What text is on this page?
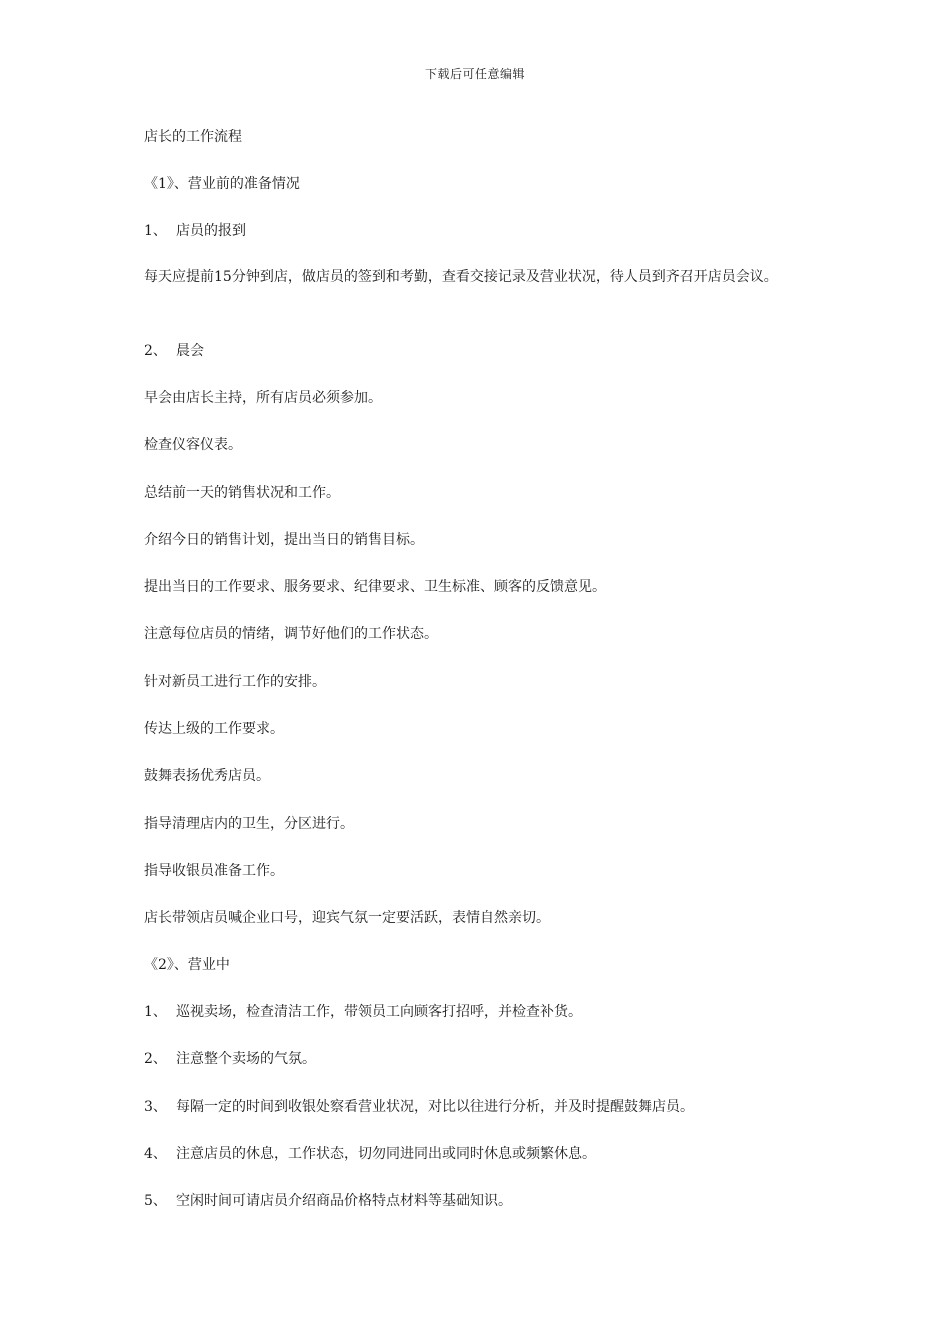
下载后可任意编辑
店长的工作流程
《1》、营业前的准备情况
1、 店员的报到
每天应提前15分钟到店，做店员的签到和考勤，查看交接记录及营业状况，待人员到齐召开店员会议。
2、 晨会
早会由店长主持，所有店员必须参加。
检查仪容仪表。
总结前一天的销售状况和工作。
介绍今日的销售计划，提出当日的销售目标。
提出当日的工作要求、服务要求、纪律要求、卫生标准、顾客的反馈意见。
注意每位店员的情绪，调节好他们的工作状态。
针对新员工进行工作的安排。
传达上级的工作要求。
鼓舞表扬优秀店员。
指导清理店内的卫生，分区进行。
指导收银员准备工作。
店长带领店员喊企业口号，迎宾气氛一定要活跃，表情自然亲切。
《2》、营业中
1、 巡视卖场，检查清洁工作，带领员工向顾客打招呼，并检查补货。
2、 注意整个卖场的气氛。
3、 每隔一定的时间到收银处察看营业状况，对比以往进行分析，并及时提醒鼓舞店员。
4、 注意店员的休息，工作状态，切勿同进同出或同时休息或频繁休息。
5、 空闲时间可请店员介绍商品价格特点材料等基础知识。
